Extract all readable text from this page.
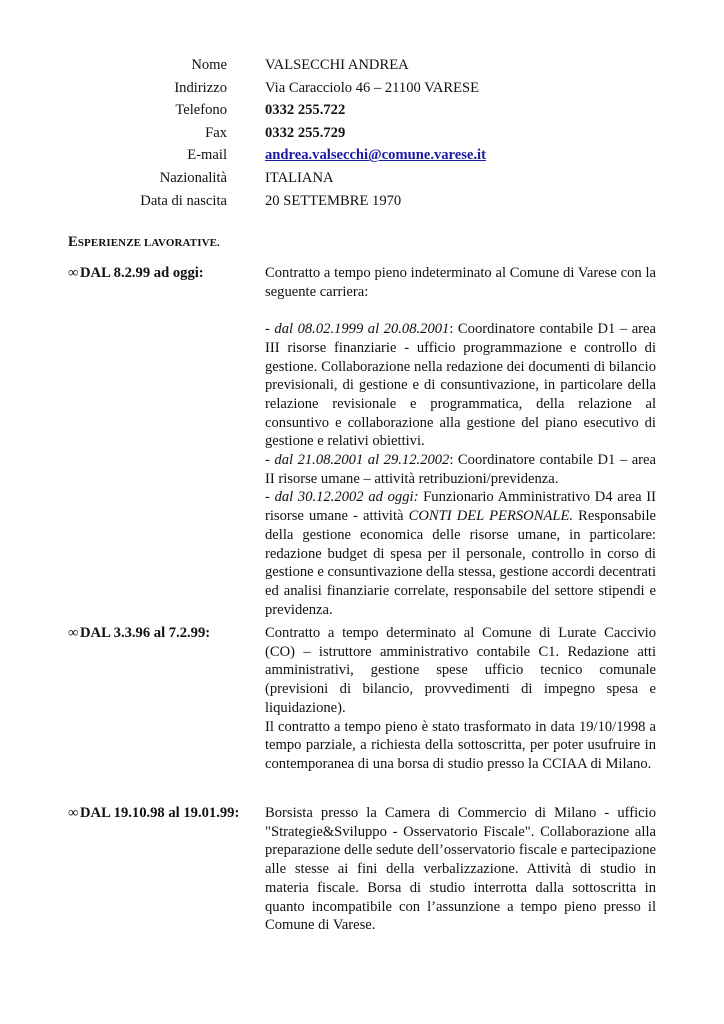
Nome	VALSECCHI ANDREA
Indirizzo	Via Caracciolo 46 – 21100 VARESE
Telefono	0332 255.722
Fax	0332 255.729
E-mail	andrea.valsecchi@comune.varese.it
Nazionalità	ITALIANA
Data di nascita	20 SETTEMBRE 1970
ESPERIENZE LAVORATIVE.
∞ DAL 8.2.99 ad oggi:	Contratto a tempo pieno indeterminato al Comune di Varese con la seguente carriera:

- dal 08.02.1999 al 20.08.2001: Coordinatore contabile D1 – area III risorse finanziarie - ufficio programmazione e controllo di gestione. Collaborazione nella redazione dei documenti di bilancio previsionali, di gestione e di consuntivazione, in particolare della relazione revisionale e programmatica, della relazione al consuntivo e collaborazione alla gestione del piano esecutivo di gestione e relativi obiettivi.

- dal 21.08.2001 al 29.12.2002: Coordinatore contabile D1 – area II risorse umane – attività retribuzioni/previdenza.

- dal 30.12.2002 ad oggi: Funzionario Amministrativo D4 area II risorse umane - attività CONTI DEL PERSONALE. Responsabile della gestione economica delle risorse umane, in particolare: redazione budget di spesa per il personale, controllo in corso di gestione e consuntivazione della stessa, gestione accordi decentrati ed analisi finanziarie correlate, responsabile del settore stipendi e previdenza.

∞ DAL 3.3.96 al 7.2.99:	Contratto a tempo determinato al Comune di Lurate Caccivio (CO) – istruttore amministrativo contabile C1. Redazione atti amministrativi, gestione spese ufficio tecnico comunale (previsioni di bilancio, provvedimenti di impegno spesa e liquidazione).

Il contratto a tempo pieno è stato trasformato in data 19/10/1998 a tempo parziale, a richiesta della sottoscritta, per poter usufruire in contemporanea di una borsa di studio presso la CCIAA di Milano.

∞ DAL 19.10.98 al 19.01.99: Borsista presso la Camera di Commercio di Milano - ufficio "Strategie&Sviluppo - Osservatorio Fiscale". Collaborazione alla preparazione delle sedute dell’osservatorio fiscale e partecipazione alle stesse ai fini della verbalizzazione. Attività di studio in materia fiscale. Borsa di studio interrotta dalla sottoscritta in quanto incompatibile con l’assunzione a tempo pieno presso il Comune di Varese.
